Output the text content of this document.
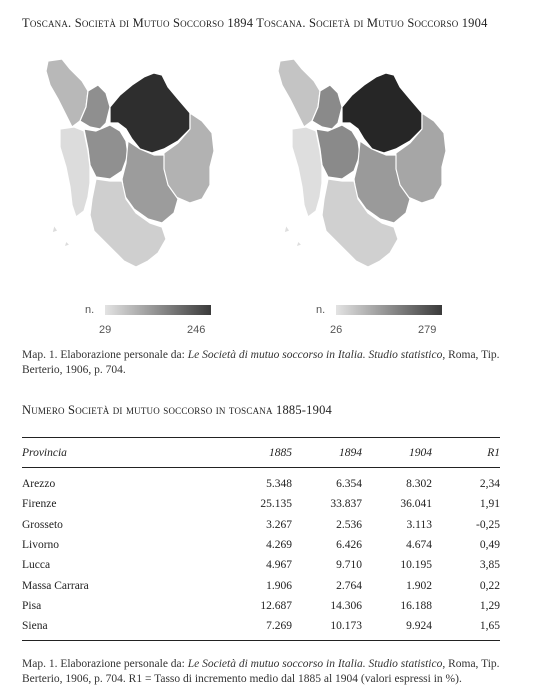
Toscana. Società di Mutuo Soccorso 1894 Toscana. Società di Mutuo Soccorso 1904
n.
29	246
n.
26	279
Map. 1. Elaborazione personale da: Le Società di mutuo soccorso in Italia. Studio statistico, Roma, Tip. Berterio, 1906, p. 704.
Numero Società di mutuo soccorso in toscana 1885-1904
Provincia	1885	1894	1904	R1
Arezzo	5.348	6.354	8.302	2,34
Firenze	25.135	33.837	36.041	1,91
Grosseto	3.267	2.536	3.113	-0,25
Livorno	4.269	6.426	4.674	0,49
Lucca	4.967	9.710	10.195	3,85
Massa Carrara	1.906	2.764	1.902	0,22
Pisa	12.687	14.306	16.188	1,29
Siena	7.269	10.173	9.924	1,65
Map. 1. Elaborazione personale da: Le Società di mutuo soccorso in Italia. Studio statistico, Roma, Tip. Berterio, 1906, p. 704. R1 = Tasso di incremento medio dal 1885 al 1904 (valori espressi in %).
